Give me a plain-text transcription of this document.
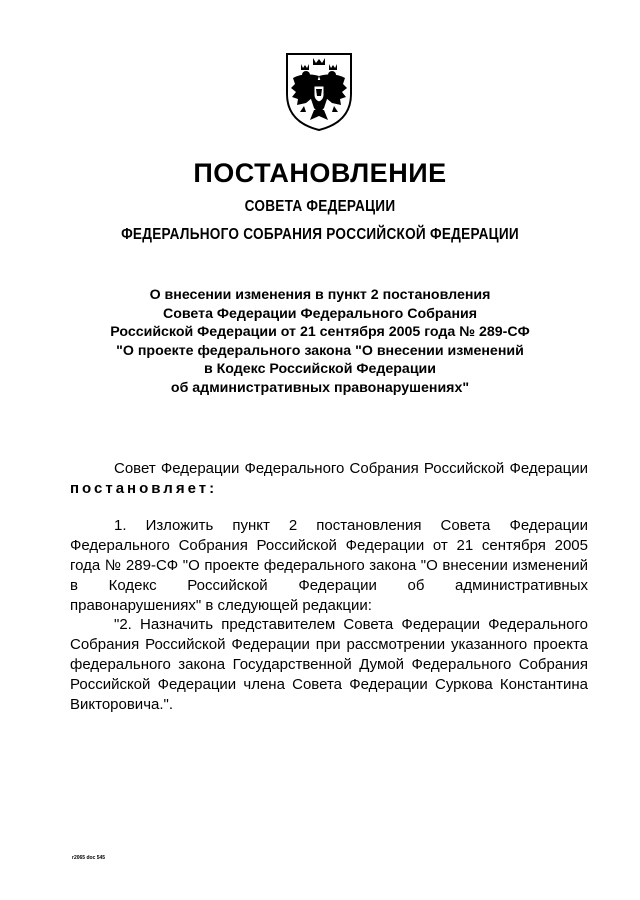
ПОСТАНОВЛЕНИЕ
СОВЕТА ФЕДЕРАЦИИ
ФЕДЕРАЛЬНОГО СОБРАНИЯ РОССИЙСКОЙ ФЕДЕРАЦИИ
О внесении изменения в пункт 2 постановления
Совета Федерации Федерального Собрания
Российской Федерации от 21 сентября 2005 года № 289-СФ
"О проекте федерального закона "О внесении изменений
в Кодекс Российской Федерации
об административных правонарушениях"
Совет Федерации Федерального Собрания Российской Федерации постановляет:
1. Изложить пункт 2 постановления Совета Федерации Федерального Собрания Российской Федерации от 21 сентября 2005 года № 289-СФ "О проекте федерального закона "О внесении изменений в Кодекс Российской Федерации об административных правонарушениях" в следующей редакции:
"2. Назначить представителем Совета Федерации Федерального Собрания Российской Федерации при рассмотрении указанного проекта федерального закона Государственной Думой Федерального Собрания Российской Федерации члена Совета Федерации Суркова Константина Викторовича.".
r2065 doc 545
